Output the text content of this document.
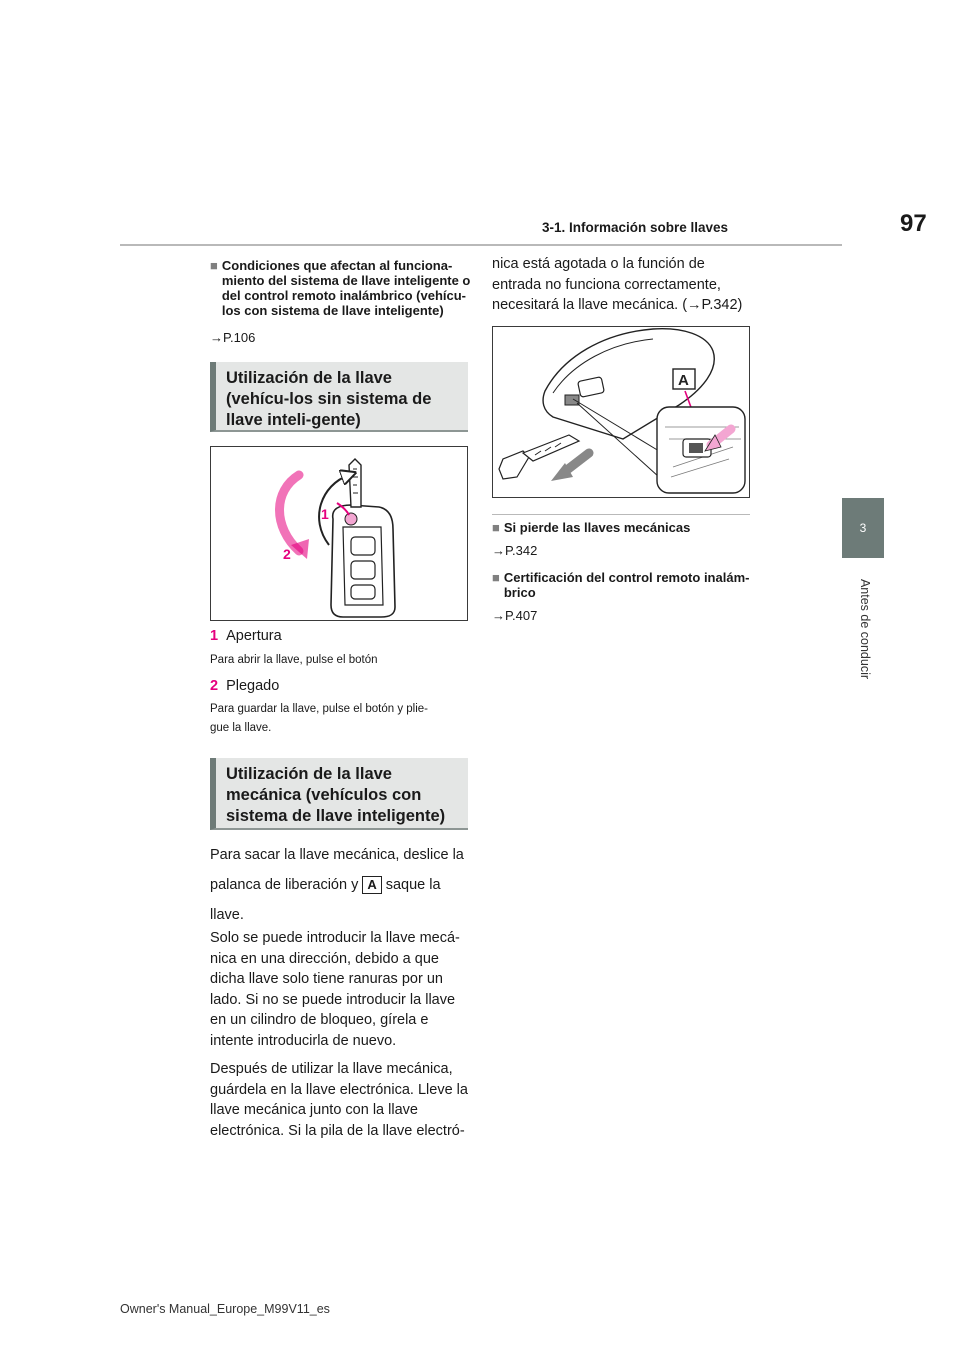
3-1. Información sobre llaves	97
3
Antes de conducir
■ Condiciones que afectan al funciona-miento del sistema de llave inteligente o del control remoto inalámbrico (vehícu-los con sistema de llave inteligente)

→P.106

Utilización de la llave (vehícu-los sin sistema de llave inteli-gente)
1
2

1 Apertura

Para abrir la llave, pulse el botón

2 Plegado

Para guardar la llave, pulse el botón y plie-

gue la llave.

Utilización de la llave mecánica (vehículos con sistema de llave inteligente)

Para sacar la llave mecánica, deslice la

palanca de liberación y A saque la

llave.

Solo se puede introducir la llave mecá-nica en una dirección, debido a que dicha llave solo tiene ranuras por un lado. Si no se puede introducir la llave en un cilindro de bloqueo, gírela e intente introducirla de nuevo.

Después de utilizar la llave mecánica, guárdela en la llave electrónica. Lleve la llave mecánica junto con la llave electrónica. Si la pila de la llave electró-

nica está agotada o la función de entrada no funciona correctamente, necesitará la llave mecánica. (→P.342)
A
■ Si pierde las llaves mecánicas

→P.342

■ Certificación del control remoto inalám-brico

→P.407

Owner's Manual_Europe_M99V11_es
